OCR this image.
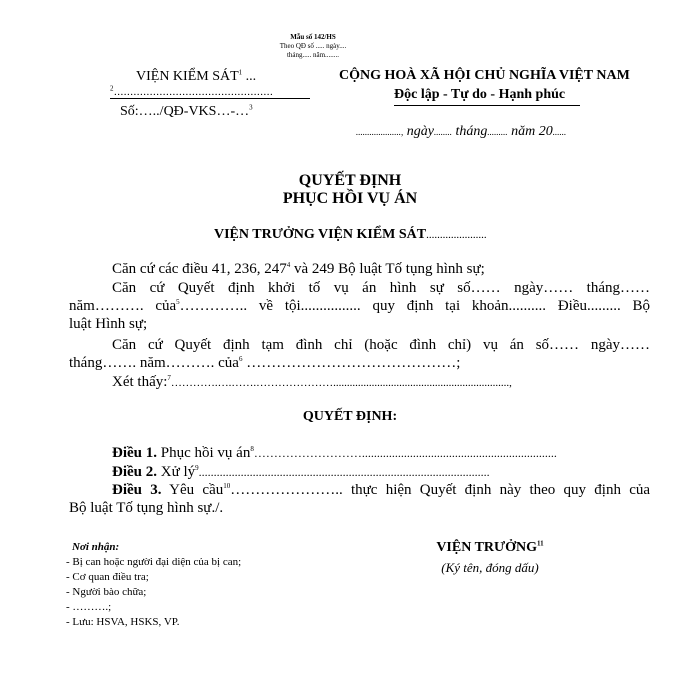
Mẫu số 142/HS
Theo QĐ số ..... ngày....
tháng..... năm........
VIỆN KIỂM SÁT$^1$ ...
$^2$.................................................
Số:…../QĐ-VKS…-…$^3$
CỘNG HOÀ XÃ HỘI CHỦ NGHĨA VIỆT NAM
Độc lập - Tự do - Hạnh phúc
...................., ngày........ tháng......... năm 20......
QUYẾT ĐỊNH
PHỤC HỒI VỤ ÁN
VIỆN TRƯỞNG VIỆN KIỂM SÁT......................
Căn cứ các điều 41, 236, $247^4$ và 249 Bộ luật Tố tụng hình sự;
Căn cứ Quyết định khởi tố vụ án hình sự số…… ngày…… tháng……
năm………. của$^5$………….. về tội................ quy định tại khoản.......... Điều......... Bộ
luật Hình sự;
Căn cứ Quyết định tạm đình chỉ (hoặc đình chỉ) vụ án số…… ngày……
tháng……. năm………. của$^6$ ……………………………………;
Xét thấy:$^7$………….….…….…………………................................................................,
QUYẾT ĐỊNH:
Điều 1. Phục hồi vụ $án^8\dots\dots\dots\dots\dots\dots\dots\dots\dots$.................................................................
Điều 2. Xử $lý^9$.................................................................................................
Điều 3. Yêu cầu$^{10}$………………….. thực hiện Quyết định này theo quy định của
Bộ luật Tố tụng hình sự./.
Nơi nhận:
- Bị can hoặc người đại diện của bị can;
- Cơ quan điều tra;
- Người bào chữa;
- ……….;
- Lưu: HSVA, HSKS, VP.
VIỆN TRƯỞNG$^{11}$
(Ký tên, đóng dấu)
